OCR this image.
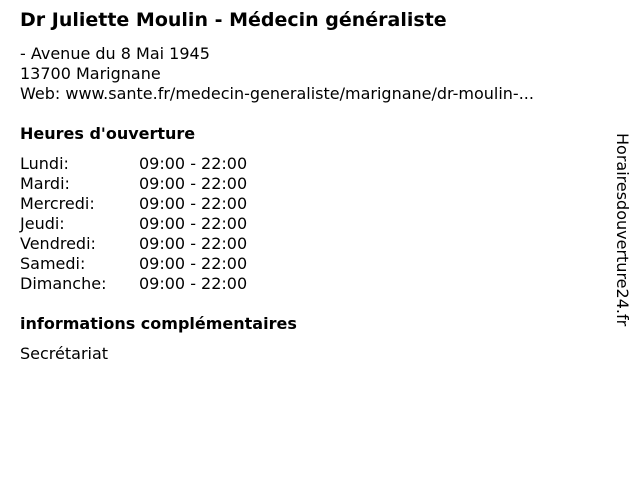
Dr Juliette Moulin - Médecin généraliste
- Avenue du 8 Mai 1945
13700 Marignane
Web: www.sante.fr/medecin-generaliste/marignane/dr-moulin-...
Heures d'ouverture
Lundi:	09:00 - 22:00
Mardi:	09:00 - 22:00
Mercredi:	09:00 - 22:00
Jeudi:	09:00 - 22:00
Vendredi:	09:00 - 22:00
Samedi:	09:00 - 22:00
Dimanche: 09:00 - 22:00
informations complémentaires
Secrétariat
Horairesdouverture24.fr
